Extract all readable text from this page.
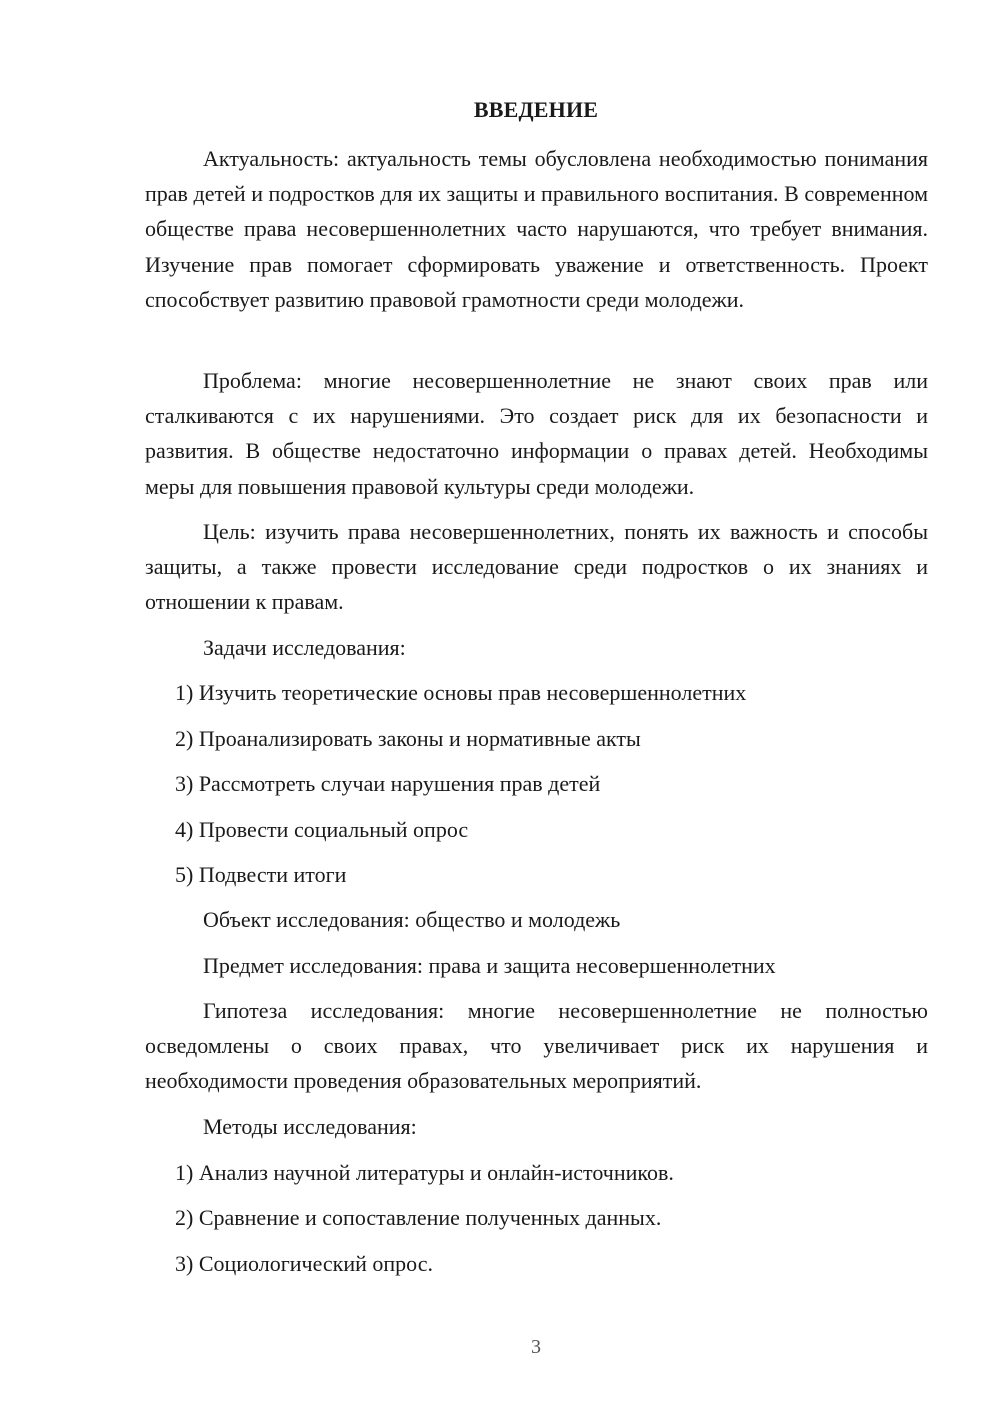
ВВЕДЕНИЕ

Актуальность: актуальность темы обусловлена необходимостью понимания прав детей и подростков для их защиты и правильного воспитания. В современном обществе права несовершеннолетних часто нарушаются, что требует внимания. Изучение прав помогает сформировать уважение и ответственность. Проект способствует развитию правовой грамотности среди молодежи.

Проблема: многие несовершеннолетние не знают своих прав или сталкиваются с их нарушениями. Это создает риск для их безопасности и развития. В обществе недостаточно информации о правах детей. Необходимы меры для повышения правовой культуры среди молодежи.

Цель: изучить права несовершеннолетних, понять их важность и способы защиты, а также провести исследование среди подростков о их знаниях и отношении к правам.

Задачи исследования:

1) Изучить теоретические основы прав несовершеннолетних

2) Проанализировать законы и нормативные акты

3) Рассмотреть случаи нарушения прав детей

4) Провести социальный опрос

5) Подвести итоги

Объект исследования: общество и молодежь

Предмет исследования: права и защита несовершеннолетних

Гипотеза исследования: многие несовершеннолетние не полностью осведомлены о своих правах, что увеличивает риск их нарушения и необходимости проведения образовательных мероприятий.

Методы исследования:

1) Анализ научной литературы и онлайн-источников.

2) Сравнение и сопоставление полученных данных.

3) Социологический опрос.

3
